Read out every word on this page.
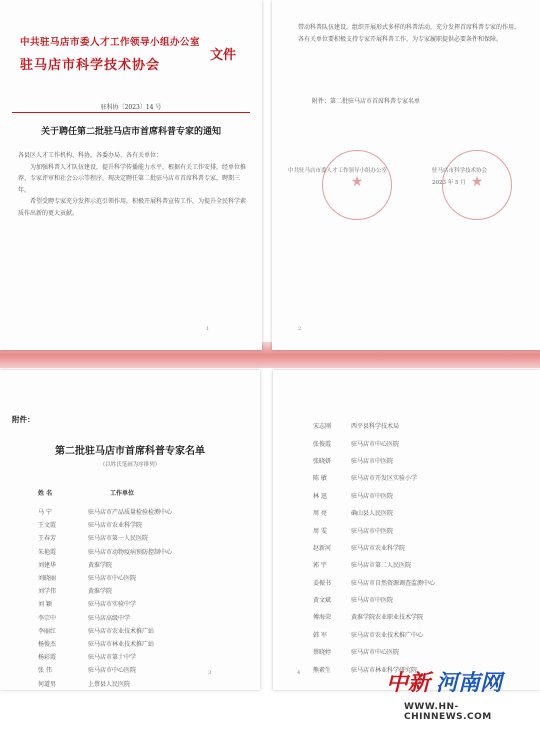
中共驻马店市委人才工作领导小组办公室
驻马店市科学技术协会
文件
驻科协〔2023〕14 号
关于聘任第二批驻马店市首席科普专家的通知

各县区人才工作机构、科协，各委办局、各有关单位：

为加强科普人才队伍建设，提升科学传播能力水平，根据有关工作安排，经单位推荐、专家评审和社会公示等程序，现决定聘任第二批驻马店市首席科普专家，聘期三年。

希望受聘专家充分发挥示范引领作用，积极开展科普宣传工作，为提升全民科学素质作出新的更大贡献。

1

带动科普队伍建设，组织开展形式多样的科普活动，充分发挥首席科普专家的作用。各有关单位要积极支持专家开展科普工作，为专家履职提供必要条件和保障。

附件：第二批驻马店市首席科普专家名单
★	★
中共驻马店市委人才工作领导小组办公室	驻马店市科学技术协会
2023 年 5 月
2
附件：
第二批驻马店市首席科普专家名单
（以姓氏笔画为序排列）
姓 名	工作单位
马 宁	驻马店市产品质量检验检测中心
王文霞	驻马店市农业科学院
王春芳	驻马店市第一人民医院
朱艳霞	驻马店市动物疫病预防控制中心
刘建华	黄淮学院
刘晓丽	驻马店市中心医院
刘学伟	黄淮学院
刘 颖	驻马店市实验中学
李宗中	驻马店高级中学
李丽红	驻马店市农业技术推广站
杨俊杰	驻马店市林业技术推广站
杨彩霞	驻马店市第十中学
张 伟	驻马店市中心医院
何道男	上蔡县人民医院
3
宋志刚	西平县科学技术局
张俊霞	驻马店市中心医院
张晓妍	驻马店市中医院
陈 敏	驻马店市开发区实验小学
林 迅	驻马店市中医院
周 亮	确山县人民医院
周 雯	驻马店市中医院
赵新河	驻马店市农业科学院
郭 宇	驻马店市第二人民医院
姜振书	驻马店市自然资源调查监测中心
黄文斌	驻马店市中医院
傅海荣	黄淮学院农业职业技术学院
韩 军	驻马店市农业技术推广中心
蔡晓婷	驻马店市中心医院
熊素生	驻马店市林业科学研究院
4	中新 河南网
WWW.HN-CHINNEWS.COM
